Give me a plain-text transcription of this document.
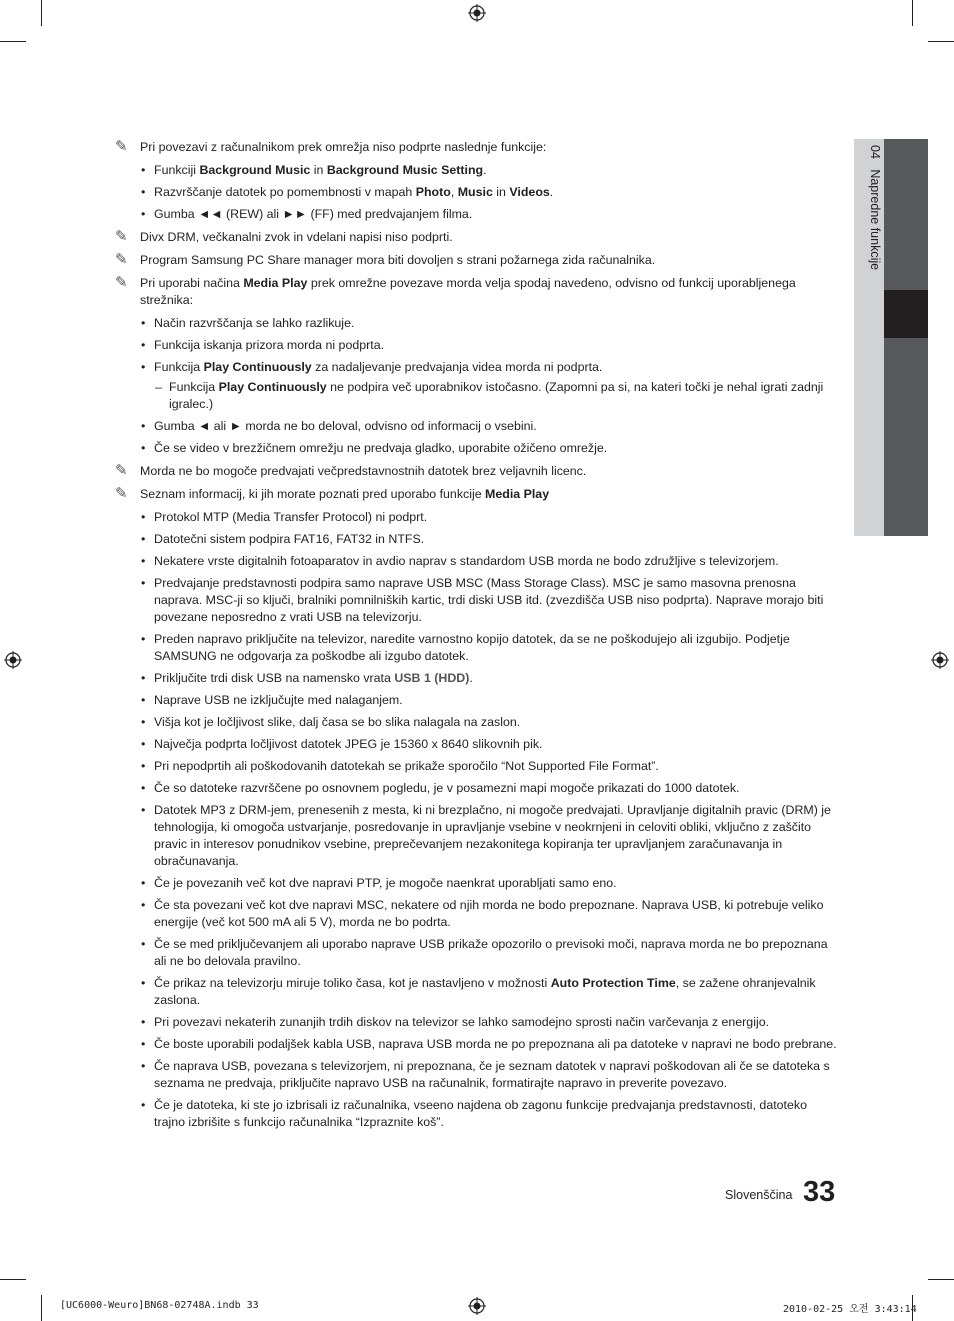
04   Napredne funkcije
✎ Pri povezavi z računalnikom prek omrežja niso podprte naslednje funkcije:
• Funkciji Background Music in Background Music Setting.
• Razvrščanje datotek po pomembnosti v mapah Photo, Music in Videos.
• Gumba ◄◄ (REW) ali ►► (FF) med predvajanjem filma.
✎ Divx DRM, večkanalni zvok in vdelani napisi niso podprti.
✎ Program Samsung PC Share manager mora biti dovoljen s strani požarnega zida računalnika.
✎ Pri uporabi načina Media Play prek omrežne povezave morda velja spodaj navedeno, odvisno od funkcij uporabljenega strežnika:
• Način razvrščanja se lahko razlikuje.
• Funkcija iskanja prizora morda ni podprta.
• Funkcija Play Continuously za nadaljevanje predvajanja videa morda ni podprta.
– Funkcija Play Continuously ne podpira več uporabnikov istočasno. (Zapomni pa si, na kateri točki je nehal igrati zadnji igralec.)
• Gumba ◄ ali ► morda ne bo deloval, odvisno od informacij o vsebini.
• Če se video v brezžičnem omrežju ne predvaja gladko, uporabite ožičeno omrežje.
✎ Morda ne bo mogoče predvajati večpredstavnostnih datotek brez veljavnih licenc.
✎ Seznam informacij, ki jih morate poznati pred uporabo funkcije Media Play
• Protokol MTP (Media Transfer Protocol) ni podprt.
• Datotečni sistem podpira FAT16, FAT32 in NTFS.
• Nekatere vrste digitalnih fotoaparatov in avdio naprav s standardom USB morda ne bodo združljive s televizorjem.
• Predvajanje predstavnosti podpira samo naprave USB MSC (Mass Storage Class). MSC je samo masovna prenosna naprava. MSC-ji so ključi, bralniki pomnilniških kartic, trdi diski USB itd. (zvezdišča USB niso podprta). Naprave morajo biti povezane neposredno z vrati USB na televizorju.
• Preden napravo priključite na televizor, naredite varnostno kopijo datotek, da se ne poškodujejo ali izgubijo. Podjetje SAMSUNG ne odgovarja za poškodbe ali izgubo datotek.
• Priključite trdi disk USB na namensko vrata USB 1 (HDD).
• Naprave USB ne izključujte med nalaganjem.
• Višja kot je ločljivost slike, dalj časa se bo slika nalagala na zaslon.
• Največja podprta ločljivost datotek JPEG je 15360 x 8640 slikovnih pik.
• Pri nepodprtih ali poškodovanih datotekah se prikaže sporočilo “Not Supported File Format”.
• Če so datoteke razvrščene po osnovnem pogledu, je v posamezni mapi mogoče prikazati do 1000 datotek.
• Datotek MP3 z DRM-jem, prenesenih z mesta, ki ni brezplačno, ni mogoče predvajati. Upravljanje digitalnih pravic (DRM) je tehnologija, ki omogoča ustvarjanje, posredovanje in upravljanje vsebine v neokrnjeni in celoviti obliki, vključno z zaščito pravic in interesov ponudnikov vsebine, preprečevanjem nezakonitega kopiranja ter upravljanjem zaračunavanja in obračunavanja.
• Če je povezanih več kot dve napravi PTP, je mogoče naenkrat uporabljati samo eno.
• Če sta povezani več kot dve napravi MSC, nekatere od njih morda ne bodo prepoznane. Naprava USB, ki potrebuje veliko energije (več kot 500 mA ali 5 V), morda ne bo podrta.
• Če se med priključevanjem ali uporabo naprave USB prikaže opozorilo o previsoki moči, naprava morda ne bo prepoznana ali ne bo delovala pravilno.
• Če prikaz na televizorju miruje toliko časa, kot je nastavljeno v možnosti Auto Protection Time, se zažene ohranjevalnik zaslona.
• Pri povezavi nekaterih zunanjih trdih diskov na televizor se lahko samodejno sprosti način varčevanja z energijo.
• Če boste uporabili podaljšek kabla USB, naprava USB morda ne po prepoznana ali pa datoteke v napravi ne bodo prebrane.
• Če naprava USB, povezana s televizorjem, ni prepoznana, če je seznam datotek v napravi poškodovan ali če se datoteka s seznama ne predvaja, priključite napravo USB na računalnik, formatirajte napravo in preverite povezavo.
• Če je datoteka, ki ste jo izbrisali iz računalnika, vseeno najdena ob zagonu funkcije predvajanja predstavnosti, datoteko trajno izbrišite s funkcijo računalnika “Izpraznite koš”.
Slovenščina 33
[UC6000-Weuro]BN68-02748A.indb 33	2010-02-25 오전 3:43:14
